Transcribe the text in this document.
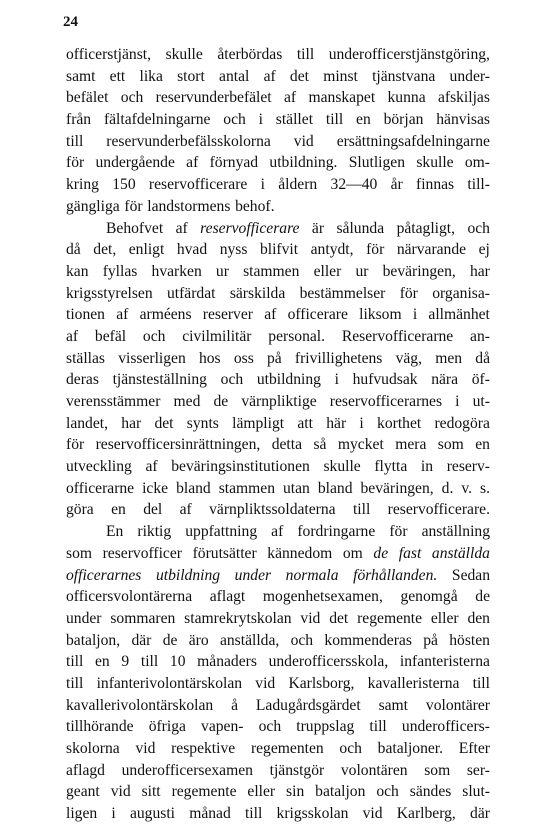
24
officerstjänst, skulle återbördas till underofficerstjänstgöring,
samt ett lika stort antal af det minst tjänstvana under-
befälet och reservunderbefälet af manskapet kunna afskiljas
från fältafdelningarne och i stället till en början hänvisas
till reservunderbefälsskolorna vid ersättningsafdelningarne
för undergående af förnyad utbildning. Slutligen skulle om-
kring 150 reservofficerare i åldern 32—40 år finnas till-
gängliga för landstormens behof.
Behofvet af reservofficerare är sålunda påtagligt, och
då det, enligt hvad nyss blifvit antydt, för närvarande ej
kan fyllas hvarken ur stammen eller ur beväringen, har
krigsstyrelsen utfärdat särskilda bestämmelser för organisa-
tionen af arméens reserver af officerare liksom i allmänhet
af befäl och civilmilitär personal. Reservofficerarne an-
ställas visserligen hos oss på frivillighetens väg, men då
deras tjänsteställning och utbildning i hufvudsak nära öf-
verensstämmer med de värnpliktige reservofficerarnes i ut-
landet, har det synts lämpligt att här i korthet redogöra
för reservofficersinrättningen, detta så mycket mera som en
utveckling af beväringsinstitutionen skulle flytta in reserv-
officerarne icke bland stammen utan bland beväringen, d. v. s.
göra en del af värnpliktssoldaterna till reservofficerare.
En riktig uppfattning af fordringarne för anställning
som reservofficer förutsätter kännedom om de fast anställda
officerarnes utbildning under normala förhållanden. Sedan
officersvolontärerna aflagt mogenhetsexamen, genomgå de
under sommaren stamrekrytskolan vid det regemente eller den
bataljon, där de äro anställda, och kommenderas på hösten
till en 9 till 10 månaders underofficersskola, infanteristerna
till infanterivolontärskolan vid Karlsborg, kavalleristerna till
kavallerivolontärskolan å Ladugårdsgärdet samt volontärer
tillhörande öfriga vapen- och truppslag till underofficers-
skolorna vid respektive regementen och bataljoner. Efter
aflagd underofficersexamen tjänstgör volontären som ser-
geant vid sitt regemente eller sin bataljon och sändes slut-
ligen i augusti månad till krigsskolan vid Karlberg, där
